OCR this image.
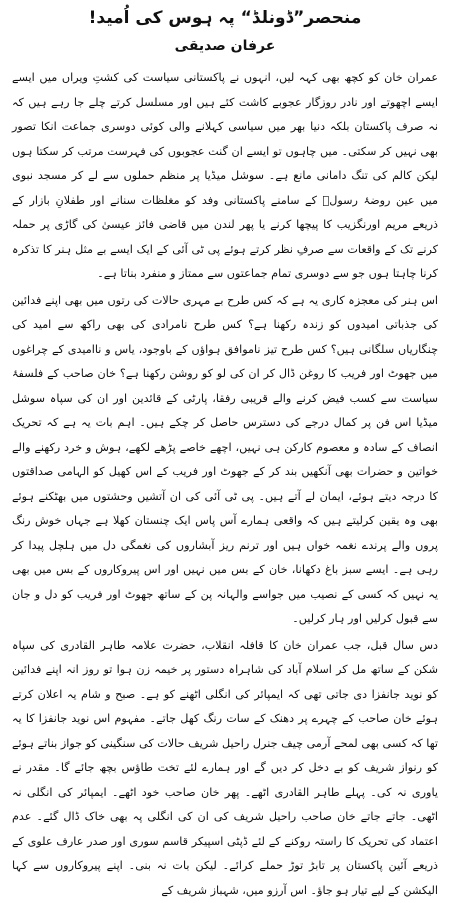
منحصر”ڈونلڈ“ پہ ہوس کی اُمید!
عرفان صدیقی

عمران خان کو کچھ بھی کہہ لیں، انہوں نے پاکستانی سیاست کی کشتِ ویراں میں ایسے ایسے اچھوتے اور نادر روزگار عجوبے کاشت کئے ہیں اور مسلسل کرتے چلے جا رہے ہیں کہ نہ صرف پاکستان بلکہ دنیا بھر میں سیاسی کہلانے والی کوئی دوسری جماعت انکا تصور بھی نہیں کر سکتی۔ میں چاہوں تو ایسے ان گنت عجوبوں کی فہرست مرتب کر سکتا ہوں لیکن کالم کی تنگ دامانی مانع ہے۔ سوشل میڈیا پر منظم حملوں سے لے کر مسجد نبوی میں عین روضۂ رسولؐ کے سامنے پاکستانی وفد کو مغلظات سنانے اور طفلانِ بازار کے ذریعے مریم اورنگزیب کا پیچھا کرنے یا پھر لندن میں قاضی فائز عیسیٰ کی گاڑی پر حملہ کرنے تک کے واقعات سے صرفِ نظر کرتے ہوئے پی ٹی آئی کے ایک ایسے بے مثل ہنر کا تذکرہ کرنا چاہتا ہوں جو سے دوسری تمام جماعتوں سے ممتاز و منفرد بناتا ہے۔

اس ہنر کی معجزہ کاری یہ ہے کہ کس طرح بے مہری حالات کی رتوں میں بھی اپنے فدائین کی جذباتی امیدوں کو زندہ رکھنا ہے؟ کس طرح نامرادی کی بھی راکھ سے امید کی چنگاریاں سلگانی ہیں؟ کس طرح تیز ناموافق ہواؤں کے باوجود، یاس و ناامیدی کے چراغوں میں جھوٹ اور فریب کا روغن ڈال کر ان کی لو کو روشن رکھنا ہے؟ خان صاحب کے فلسفۂ سیاست سے کسب فیض کرنے والے قریبی رفقا، پارٹی کے قائدین اور ان کی سپاہ سوشل میڈیا اس فن پر کمال درجے کی دسترس حاصل کر چکے ہیں۔ اہم بات یہ ہے کہ تحریک انصاف کے سادہ و معصوم کارکن ہی نہیں، اچھے خاصے پڑھے لکھے، ہوش و خرد رکھنے والے خواتین و حضرات بھی آنکھیں بند کر کے جھوٹ اور فریب کے اس کھیل کو الہامی صداقتوں کا درجہ دیتے ہوئے، ایمان لے آتے ہیں۔ پی ٹی آئی کی ان آتشیں وحشتوں میں بھٹکنے ہوئے بھی وہ یقین کرلیتے ہیں کہ واقعی ہمارے آس پاس ایک چنستان کھلا ہے جہاں خوش رنگ پروں والے پرندے نغمہ خواں ہیں اور ترنم ریز آبشاروں کی نغمگی دل میں ہلچل پیدا کر رہی ہے۔ ایسے سبز باغ دکھانا، خان کے بس میں نہیں اور اس پیروکاروں کے بس میں بھی یہ نہیں کہ کسی کے نصیب میں جواسے والہانہ پن کے ساتھ جھوٹ اور فریب کو دل و جان سے قبول کرلیں اور ہار کرلیں۔

دس سال قبل، جب عمران خان کا قافلہ انقلاب، حضرت علامہ طاہر القادری کی سپاہ شکن کے ساتھ مل کر اسلام آباد کی شاہراہ دستور پر خیمہ زن ہوا تو روز انہ اپنے فدائین کو نوید جانفزا دی جاتی تھی کہ ایمپائر کی انگلی اٹھنے کو ہے۔ صبح و شام یہ اعلان کرتے ہوئے خان صاحب کے چہرے پر دھنک کے سات رنگ کھل جاتے۔ مفہوم اس نوید جانفزا کا یہ تھا کہ کسی بھی لمحے آرمی چیف جنرل راحیل شریف حالات کی سنگینی کو جواز بناتے ہوئے کو رنواز شریف کو بے دخل کر دیں گے اور ہمارے لئے تخت طاؤس بچھ جائے گا۔ مقدر نے یاوری نہ کی۔ پہلے طاہر القادری اٹھے۔ پھر خان صاحب خود اٹھے۔ ایمپائر کی انگلی نہ اٹھی۔ جاتے جاتے خان صاحب راحیل شریف کی ان کی انگلی پہ بھی خاک ڈال گئے۔ عدم اعتماد کی تحریک کا راستہ روکنے کے لئے ڈپٹی اسپیکر قاسم سوری اور صدر عارف علوی کے ذریعے آئین پاکستان پر تابڑ توڑ حملے کرائے۔ لیکن بات نہ بنی۔ اپنے پیروکاروں سے کہا الیکشن کے لیے تیار ہو جاؤ۔ اس آرزو میں، شہباز شریف کے
